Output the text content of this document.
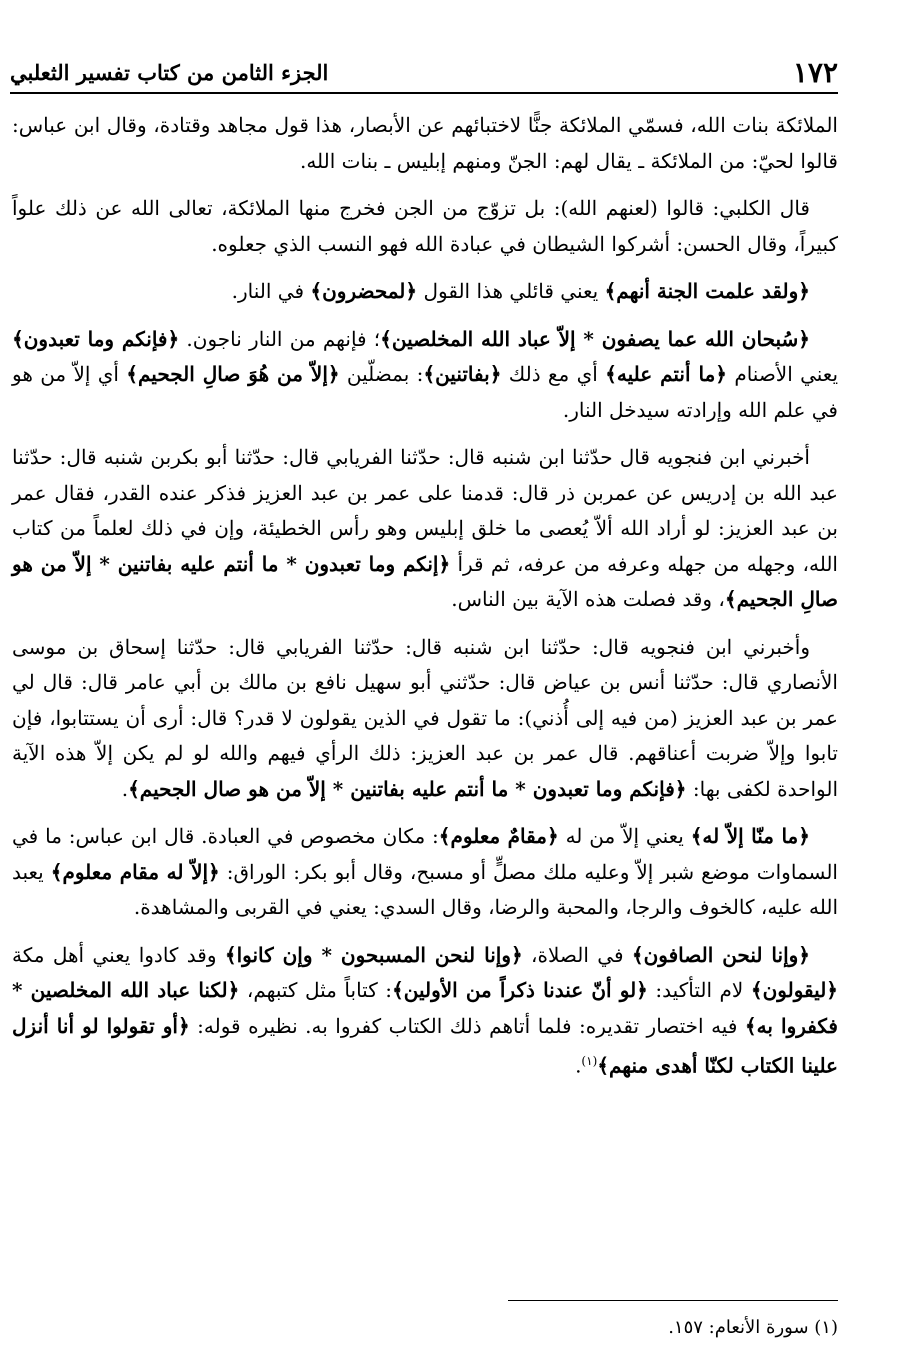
١٧٢
الجزء الثامن من كتاب تفسير الثعلبي

الملائكة بنات الله، فسمّي الملائكة جنًّا لاختبائهم عن الأبصار، هذا قول مجاهد وقتادة، وقال ابن عباس: قالوا لحيّ: من الملائكة ـ يقال لهم: الجنّ ومنهم إبليس ـ بنات الله.

قال الكلبي: قالوا (لعنهم الله): بل تزوّج من الجن فخرج منها الملائكة، تعالى الله عن ذلك علواً كبيراً، وقال الحسن: أشركوا الشيطان في عبادة الله فهو النسب الذي جعلوه.

﴿ولقد علمت الجنة أنهم﴾ يعني قائلي هذا القول ﴿لمحضرون﴾ في النار.

﴿سُبحان الله عما يصفون * إلاّ عباد الله المخلصين﴾؛ فإنهم من النار ناجون. ﴿فإنكم وما تعبدون﴾ يعني الأصنام ﴿ما أنتم عليه﴾ أي مع ذلك ﴿بفاتنين﴾: بمضلّين ﴿إلاّ من هُوَ صالِ الجحيم﴾ أي إلاّ من هو في علم الله وإرادته سيدخل النار.

أخبرني ابن فنجويه قال حدّثنا ابن شنبه قال: حدّثنا الفريابي قال: حدّثنا أبو بكربن شنبه قال: حدّثنا عبد الله بن إدريس عن عمربن ذر قال: قدمنا على عمر بن عبد العزيز فذكر عنده القدر، فقال عمر بن عبد العزيز: لو أراد الله ألاّ يُعصى ما خلق إبليس وهو رأس الخطيئة، وإن في ذلك لعلماً من كتاب الله، وجهله من جهله وعرفه من عرفه، ثم قرأ ﴿إنكم وما تعبدون * ما أنتم عليه بفاتنين * إلاّ من هو صالِ الجحيم﴾، وقد فصلت هذه الآية بين الناس.

وأخبرني ابن فنجويه قال: حدّثنا ابن شنبه قال: حدّثنا الفريابي قال: حدّثنا إسحاق بن موسى الأنصاري قال: حدّثنا أنس بن عياض قال: حدّثني أبو سهيل نافع بن مالك بن أبي عامر قال: قال لي عمر بن عبد العزيز (من فيه إلى أُذني): ما تقول في الذين يقولون لا قدر؟ قال: أرى أن يستتابوا، فإن تابوا وإلاّ ضربت أعناقهم. قال عمر بن عبد العزيز: ذلك الرأي فيهم والله لو لم يكن إلاّ هذه الآية الواحدة لكفى بها: ﴿فإنكم وما تعبدون * ما أنتم عليه بفاتنين * إلاّ من هو صال الجحيم﴾.

﴿ما منّا إلاّ له﴾ يعني إلاّ من له ﴿مقامٌ معلوم﴾: مكان مخصوص في العبادة. قال ابن عباس: ما في السماوات موضع شبر إلاّ وعليه ملك مصلٍّ أو مسبح، وقال أبو بكر: الوراق: ﴿إلاّ له مقام معلوم﴾ يعبد الله عليه، كالخوف والرجا، والمحبة والرضا، وقال السدي: يعني في القربى والمشاهدة.

﴿وإنا لنحن الصافون﴾ في الصلاة، ﴿وإنا لنحن المسبحون * وإن كانوا﴾ وقد كادوا يعني أهل مكة ﴿ليقولون﴾ لام التأكيد: ﴿لو أنّ عندنا ذكراً من الأولين﴾: كتاباً مثل كتبهم، ﴿لكنا عباد الله المخلصين * فكفروا به﴾ فيه اختصار تقديره: فلما أتاهم ذلك الكتاب كفروا به. نظيره قوله: ﴿أو تقولوا لو أنا أنزل علينا الكتاب لكنّا أهدى منهم﴾$^{(١)}$.

(١) سورة الأنعام: ١٥٧.
